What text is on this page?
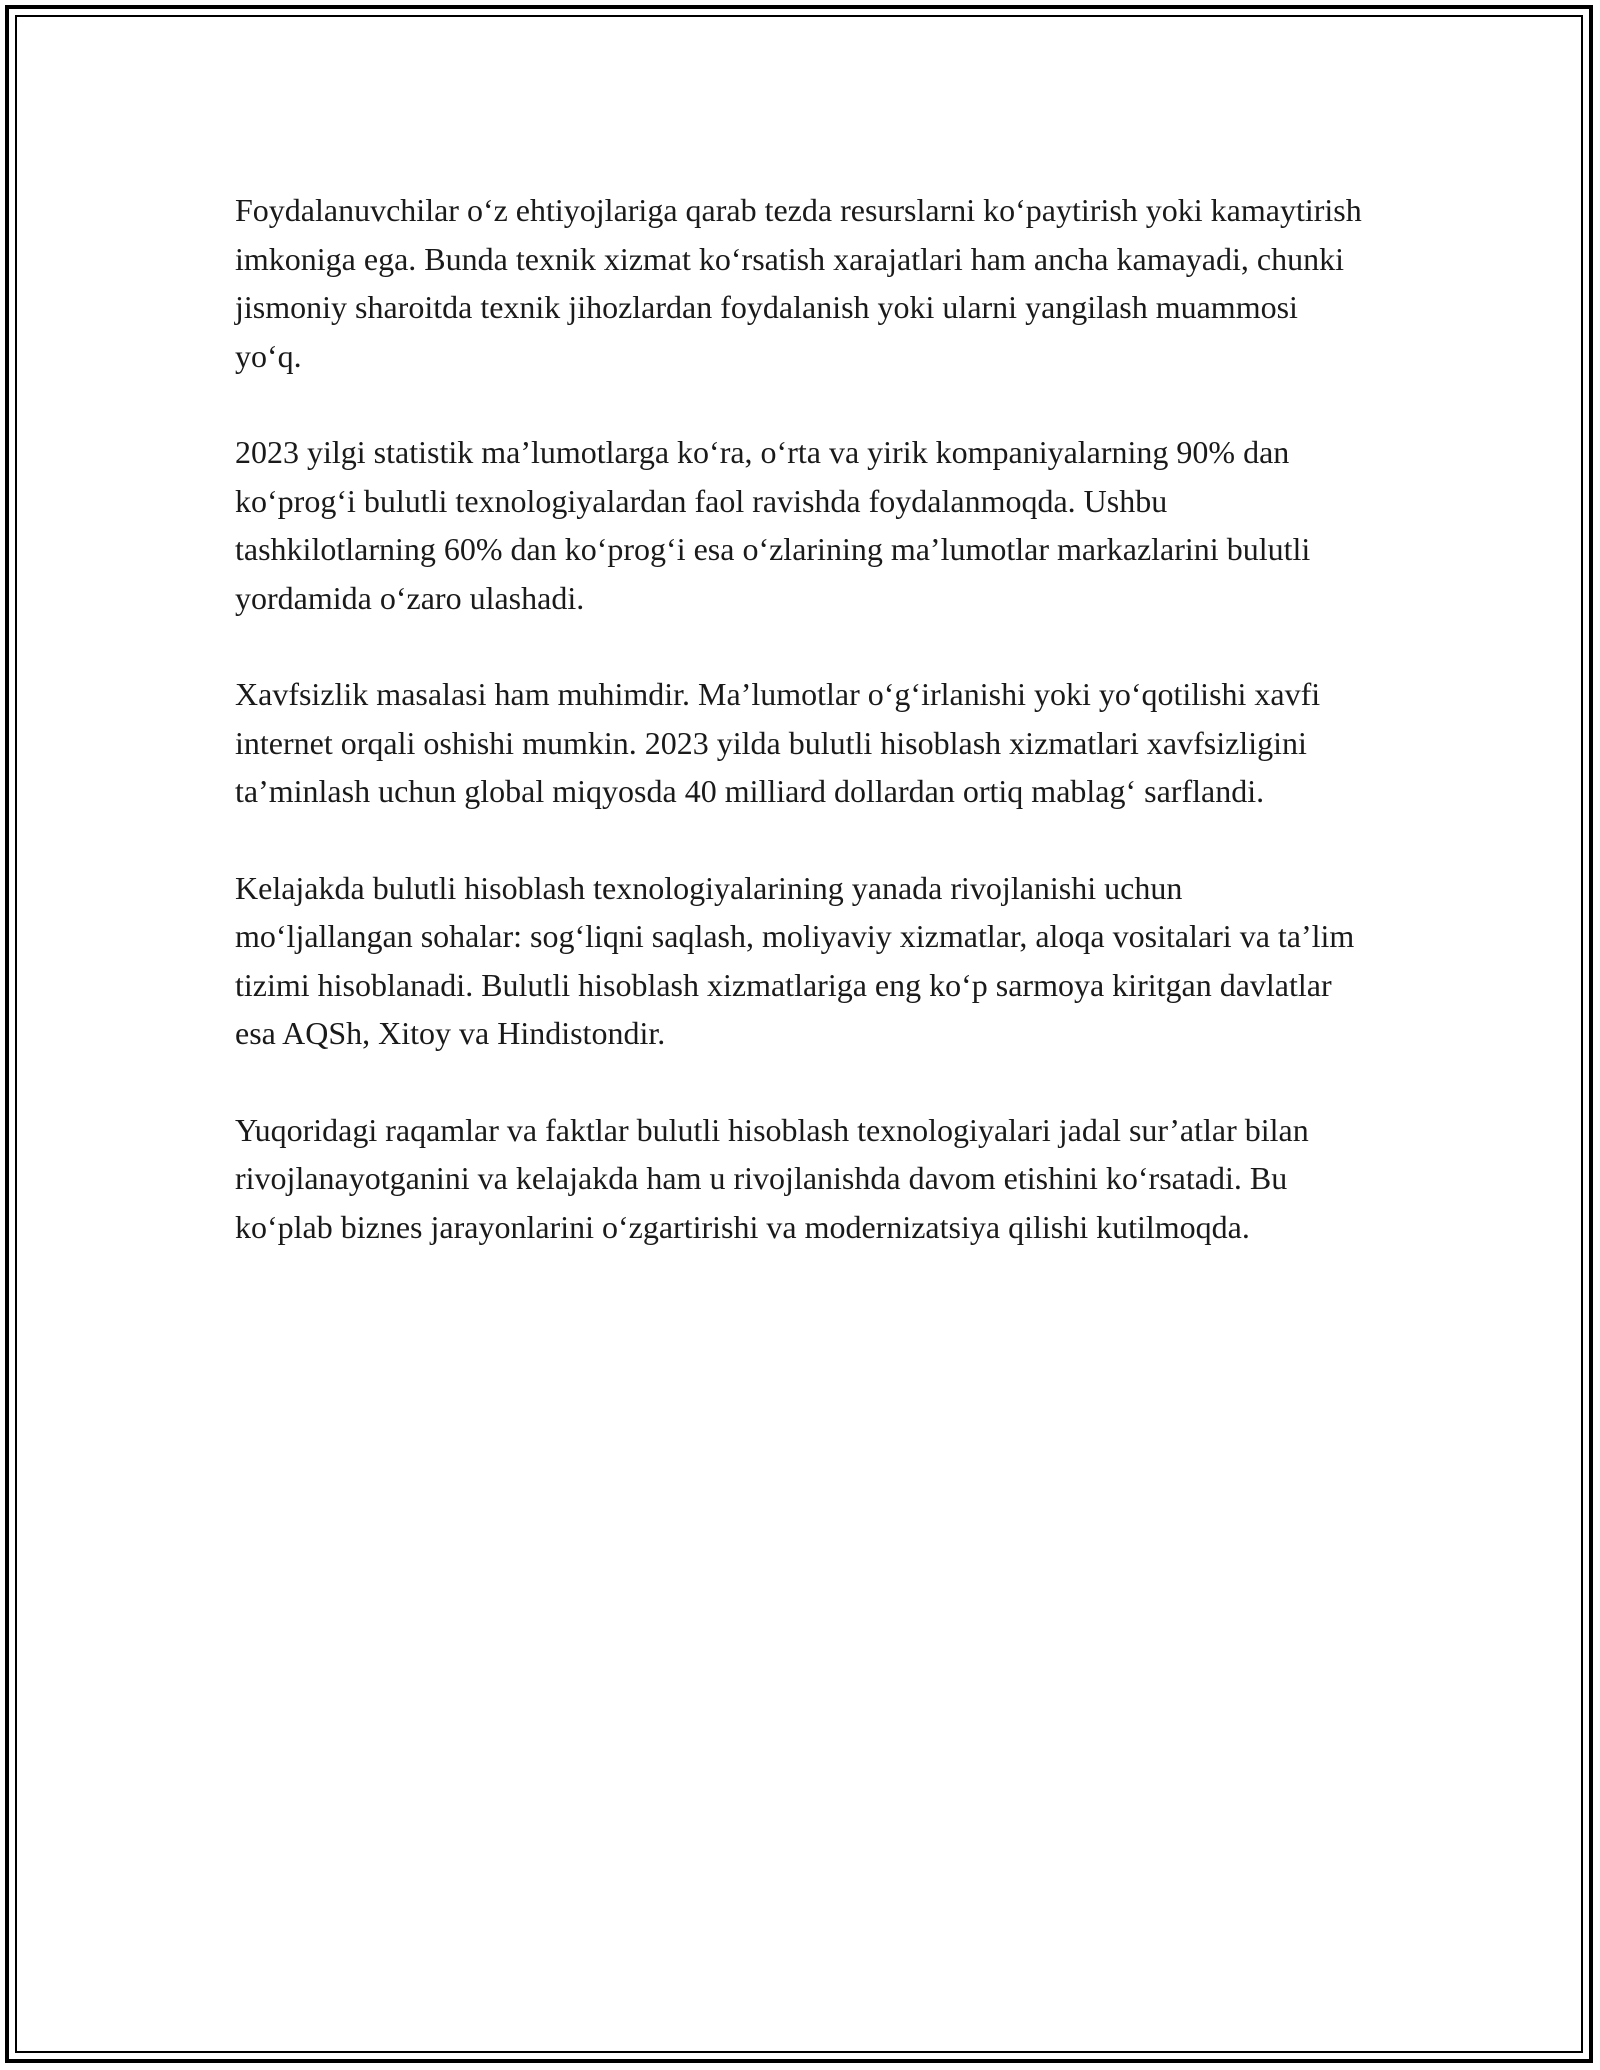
Foydalanuvchilar o‘z ehtiyojlariga qarab tezda resurslarni ko‘paytirish yoki kamaytirish imkoniga ega. Bunda texnik xizmat ko‘rsatish xarajatlari ham ancha kamayadi, chunki jismoniy sharoitda texnik jihozlardan foydalanish yoki ularni yangilash muammosi yo‘q.

2023 yilgi statistik ma’lumotlarga ko‘ra, o‘rta va yirik kompaniyalarning 90% dan ko‘prog‘i bulutli texnologiyalardan faol ravishda foydalanmoqda. Ushbu tashkilotlarning 60% dan ko‘prog‘i esa o‘zlarining ma’lumotlar markazlarini bulutli yordamida o‘zaro ulashadi.

Xavfsizlik masalasi ham muhimdir. Ma’lumotlar o‘g‘irlanishi yoki yo‘qotilishi xavfi internet orqali oshishi mumkin. 2023 yilda bulutli hisoblash xizmatlari xavfsizligini ta’minlash uchun global miqyosda 40 milliard dollardan ortiq mablag‘ sarflandi.

Kelajakda bulutli hisoblash texnologiyalarining yanada rivojlanishi uchun mo‘ljallangan sohalar: sog‘liqni saqlash, moliyaviy xizmatlar, aloqa vositalari va ta’lim tizimi hisoblanadi. Bulutli hisoblash xizmatlariga eng ko‘p sarmoya kiritgan davlatlar esa AQSh, Xitoy va Hindistondir.

Yuqoridagi raqamlar va faktlar bulutli hisoblash texnologiyalari jadal sur’atlar bilan rivojlanayotganini va kelajakda ham u rivojlanishda davom etishini ko‘rsatadi. Bu ko‘plab biznes jarayonlarini o‘zgartirishi va modernizatsiya qilishi kutilmoqda.
